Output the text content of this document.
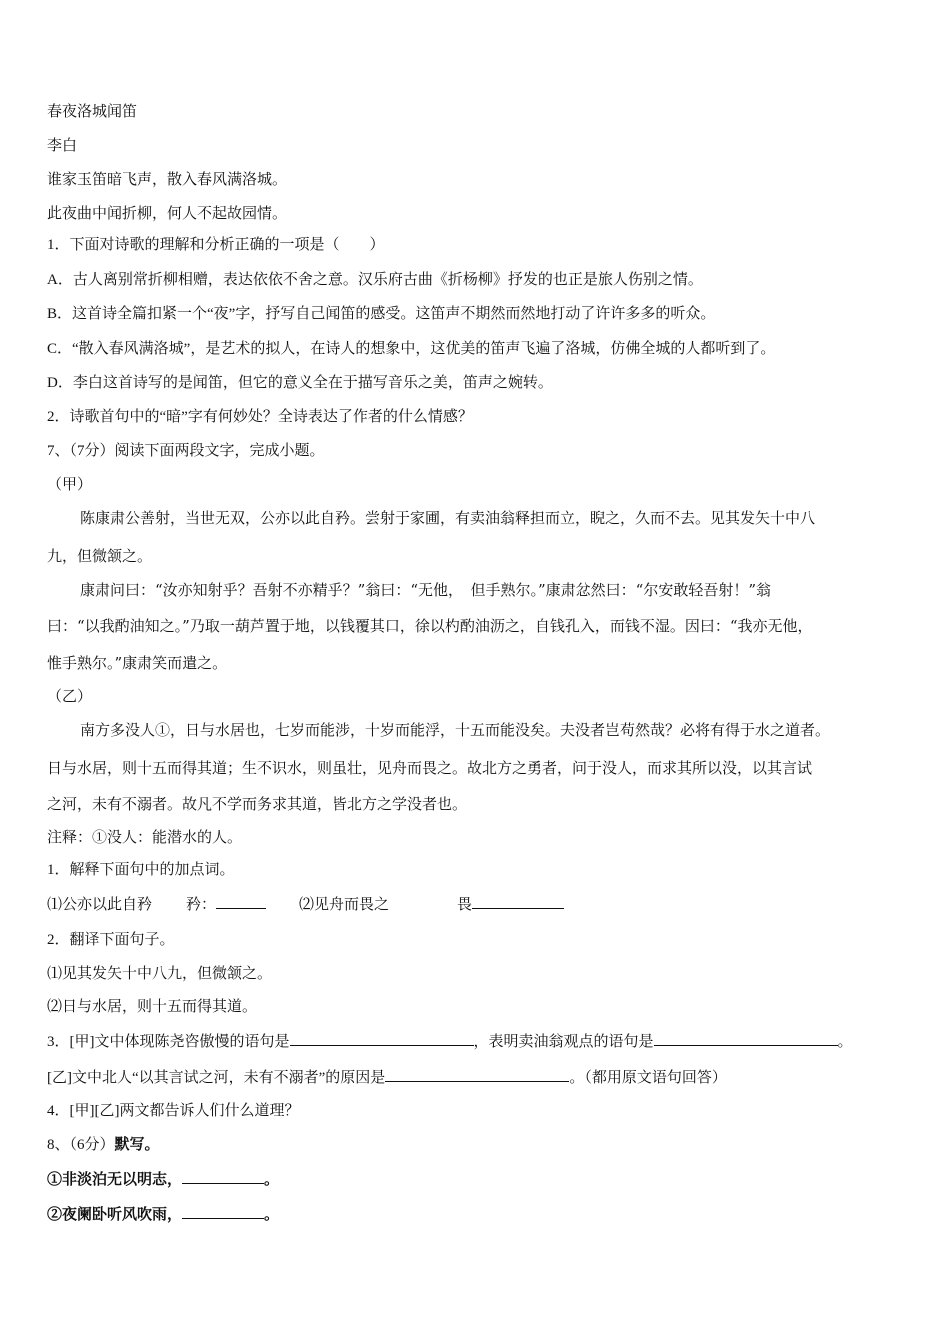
春夜洛城闻笛
李白
谁家玉笛暗飞声，散入春风满洛城。
此夜曲中闻折柳，何人不起故园情。
1．下面对诗歌的理解和分析正确的一项是（　　）
A．古人离别常折柳相赠，表达依依不舍之意。汉乐府古曲《折杨柳》抒发的也正是旅人伤别之情。
B．这首诗全篇扣紧一个“夜”字，抒写自己闻笛的感受。这笛声不期然而然地打动了许许多多的听众。
C．“散入春风满洛城”，是艺术的拟人，在诗人的想象中，这优美的笛声飞遍了洛城，仿佛全城的人都听到了。
D．李白这首诗写的是闻笛，但它的意义全在于描写音乐之美，笛声之婉转。
2．诗歌首句中的“暗”字有何妙处？全诗表达了作者的什么情感？
7、（7分）阅读下面两段文字，完成小题。
（甲）
陈康肃公善射，当世无双，公亦以此自矜。尝射于家圃，有卖油翁释担而立，睨之，久而不去。见其发矢十中八
九，但微颔之。
康肃问曰：“汝亦知射乎？吾射不亦精乎？”翁曰：“无他，　但手熟尔。”康肃忿然曰：“尔安敢轻吾射！”翁
曰：“以我酌油知之。”乃取一葫芦置于地，以钱覆其口，徐以杓酌油沥之，自钱孔入，而钱不湿。因曰：“我亦无他，
惟手熟尔。”康肃笑而遣之。
（乙）
南方多没人①，日与水居也，七岁而能涉，十岁而能浮，十五而能没矣。夫没者岂苟然哉？必将有得于水之道者。
日与水居，则十五而得其道；生不识水，则虽壮，见舟而畏之。故北方之勇者，问于没人，而求其所以没，以其言试
之河，未有不溺者。故凡不学而务求其道，皆北方之学没者也。
注释：①没人：能潜水的人。
1．解释下面句中的加点词。
⑴公亦以此自矜 矜：	⑵见舟而畏之	畏
2．翻译下面句子。
⑴见其发矢十中八九，但微颔之。
⑵日与水居，则十五而得其道。
3．[甲]文中体现陈尧咨傲慢的语句是	，表明卖油翁观点的语句是	。
[乙]文中北人“以其言试之河，未有不溺者”的原因是	。（都用原文语句回答）
4．[甲][乙]两文都告诉人们什么道理？
8、（6分）默写。
①非淡泊无以明志，	。
②夜阑卧听风吹雨，	。
